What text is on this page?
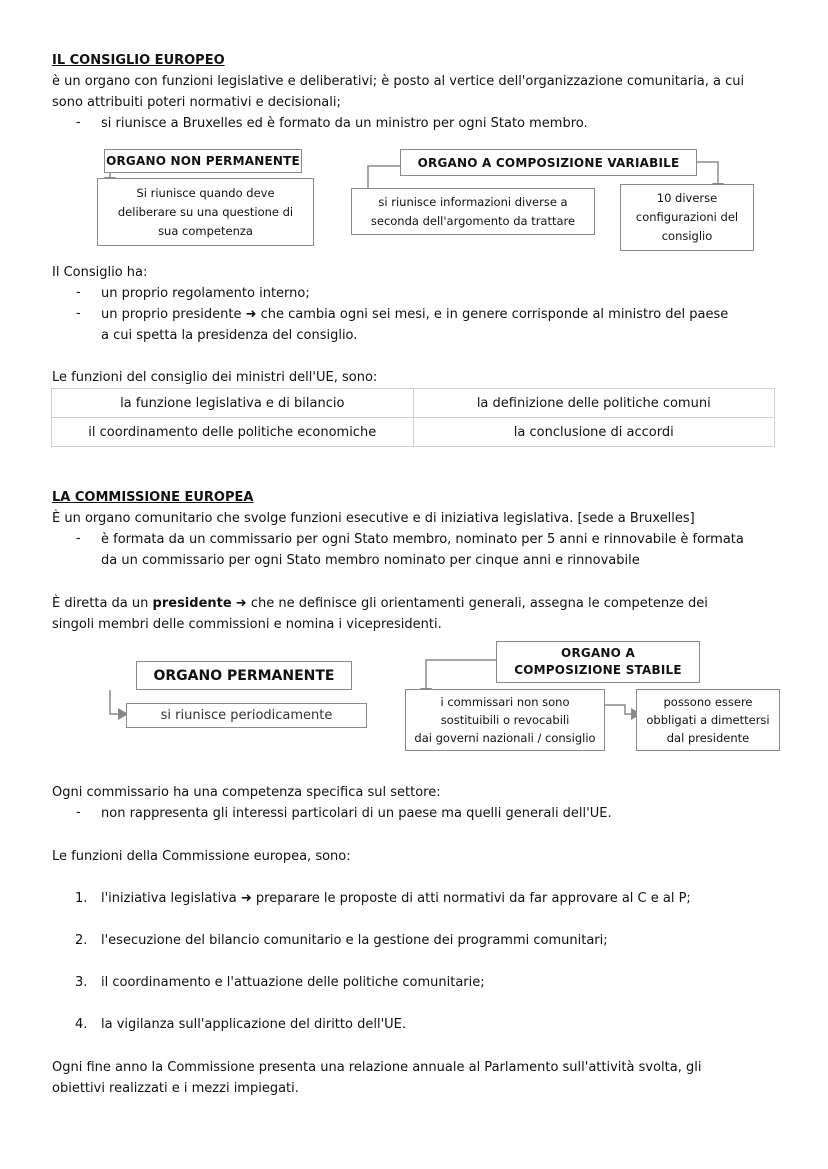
IL CONSIGLIO EUROPEO
è un organo con funzioni legislative e deliberativi; è posto al vertice dell'organizzazione comunitaria, a cui
sono attribuiti poteri normativi e decisionali;
- si riunisce a Bruxelles ed è formato da un ministro per ogni Stato membro.
ORGANO NON PERMANENTE
Si riunisce quando deve
deliberare su una questione di
sua competenza
ORGANO A COMPOSIZIONE VARIABILE
si riunisce informazioni diverse a
seconda dell'argomento da trattare
10 diverse
configurazioni del
consiglio
Il Consiglio ha:
- un proprio regolamento interno;
- un proprio presidente ➜ che cambia ogni sei mesi, e in genere corrisponde al ministro del paese
a cui spetta la presidenza del consiglio.
Le funzioni del consiglio dei ministri dell'UE, sono:
la funzione legislativa e di bilancio	la definizione delle politiche comuni
il coordinamento delle politiche economiche	la conclusione di accordi
LA COMMISSIONE EUROPEA
È un organo comunitario che svolge funzioni esecutive e di iniziativa legislativa. [sede a Bruxelles]
- è formata da un commissario per ogni Stato membro, nominato per 5 anni e rinnovabile è formata
da un commissario per ogni Stato membro nominato per cinque anni e rinnovabile
È diretta da un presidente ➜ che ne definisce gli orientamenti generali, assegna le competenze dei
singoli membri delle commissioni e nomina i vicepresidenti.
ORGANO PERMANENTE
si riunisce periodicamente
ORGANO A
COMPOSIZIONE STABILE
i commissari non sono
sostituibili o revocabili
dai governi nazionali / consiglio
possono essere
obbligati a dimettersi
dal presidente
Ogni commissario ha una competenza specifica sul settore:
- non rappresenta gli interessi particolari di un paese ma quelli generali dell'UE.
Le funzioni della Commissione europea, sono:
1. l'iniziativa legislativa ➜ preparare le proposte di atti normativi da far approvare al C e al P;
2. l'esecuzione del bilancio comunitario e la gestione dei programmi comunitari;
3. il coordinamento e l'attuazione delle politiche comunitarie;
4. la vigilanza sull'applicazione del diritto dell'UE.
Ogni fine anno la Commissione presenta una relazione annuale al Parlamento sull'attività svolta, gli
obiettivi realizzati e i mezzi impiegati.
